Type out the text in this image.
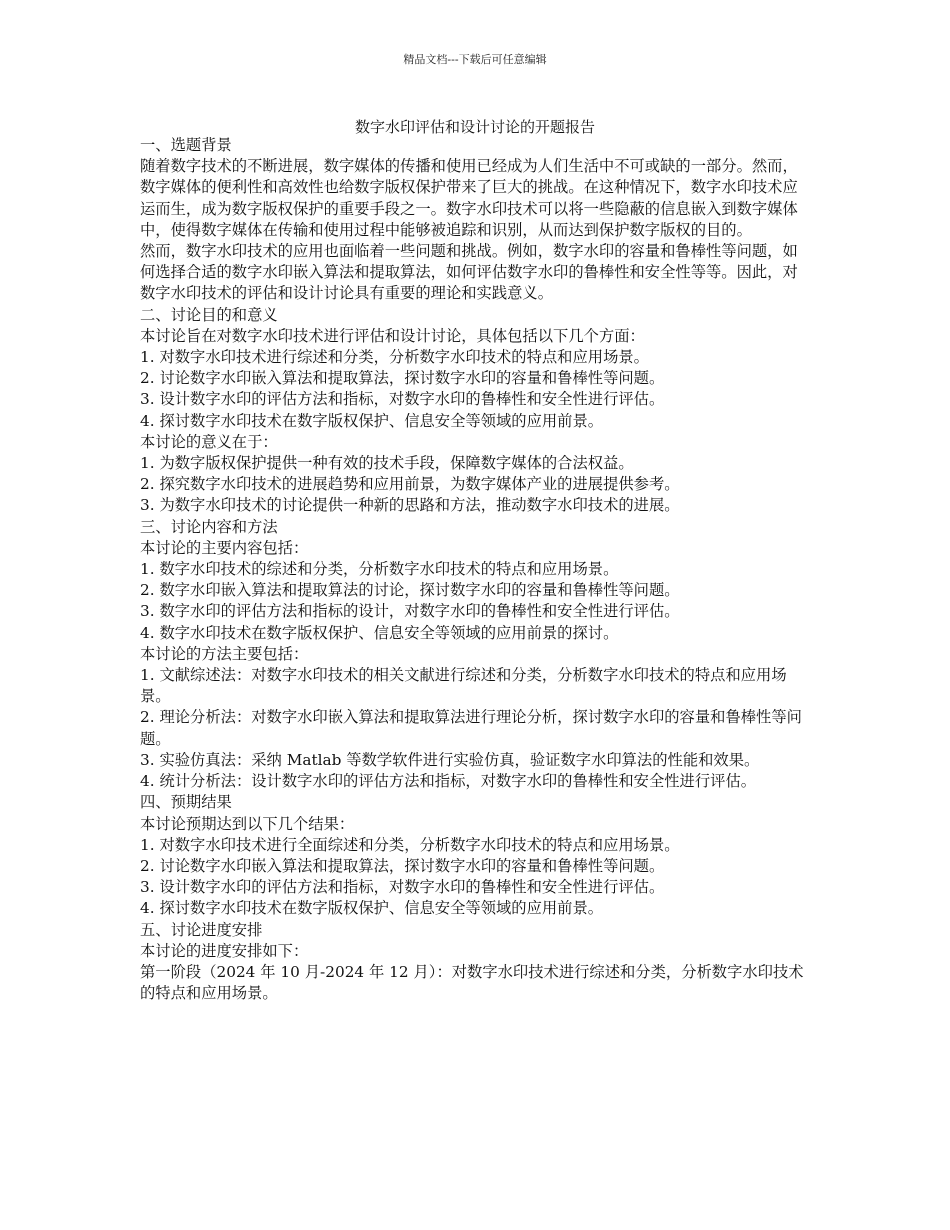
精品文档---下载后可任意编辑
数字水印评估和设计讨论的开题报告

一、选题背景

随着数字技术的不断进展，数字媒体的传播和使用已经成为人们生活中不可或缺的一部分。然而，数字媒体的便利性和高效性也给数字版权保护带来了巨大的挑战。在这种情况下，数字水印技术应运而生，成为数字版权保护的重要手段之一。数字水印技术可以将一些隐蔽的信息嵌入到数字媒体中，使得数字媒体在传输和使用过程中能够被追踪和识别，从而达到保护数字版权的目的。

然而，数字水印技术的应用也面临着一些问题和挑战。例如，数字水印的容量和鲁棒性等问题，如何选择合适的数字水印嵌入算法和提取算法，如何评估数字水印的鲁棒性和安全性等等。因此，对数字水印技术的评估和设计讨论具有重要的理论和实践意义。

二、讨论目的和意义

本讨论旨在对数字水印技术进行评估和设计讨论，具体包括以下几个方面：

1. 对数字水印技术进行综述和分类，分析数字水印技术的特点和应用场景。

2. 讨论数字水印嵌入算法和提取算法，探讨数字水印的容量和鲁棒性等问题。

3. 设计数字水印的评估方法和指标，对数字水印的鲁棒性和安全性进行评估。

4. 探讨数字水印技术在数字版权保护、信息安全等领域的应用前景。

本讨论的意义在于：

1. 为数字版权保护提供一种有效的技术手段，保障数字媒体的合法权益。

2. 探究数字水印技术的进展趋势和应用前景，为数字媒体产业的进展提供参考。

3. 为数字水印技术的讨论提供一种新的思路和方法，推动数字水印技术的进展。

三、讨论内容和方法

本讨论的主要内容包括：

1. 数字水印技术的综述和分类，分析数字水印技术的特点和应用场景。

2. 数字水印嵌入算法和提取算法的讨论，探讨数字水印的容量和鲁棒性等问题。

3. 数字水印的评估方法和指标的设计，对数字水印的鲁棒性和安全性进行评估。

4. 数字水印技术在数字版权保护、信息安全等领域的应用前景的探讨。

本讨论的方法主要包括：

1. 文献综述法：对数字水印技术的相关文献进行综述和分类，分析数字水印技术的特点和应用场景。

2. 理论分析法：对数字水印嵌入算法和提取算法进行理论分析，探讨数字水印的容量和鲁棒性等问题。

3. 实验仿真法：采纳 Matlab 等数学软件进行实验仿真，验证数字水印算法的性能和效果。

4. 统计分析法：设计数字水印的评估方法和指标，对数字水印的鲁棒性和安全性进行评估。

四、预期结果

本讨论预期达到以下几个结果：

1. 对数字水印技术进行全面综述和分类，分析数字水印技术的特点和应用场景。

2. 讨论数字水印嵌入算法和提取算法，探讨数字水印的容量和鲁棒性等问题。

3. 设计数字水印的评估方法和指标，对数字水印的鲁棒性和安全性进行评估。

4. 探讨数字水印技术在数字版权保护、信息安全等领域的应用前景。

五、讨论进度安排

本讨论的进度安排如下：

第一阶段（2024 年 10 月-2024 年 12 月）：对数字水印技术进行综述和分类，分析数字水印技术的特点和应用场景。
